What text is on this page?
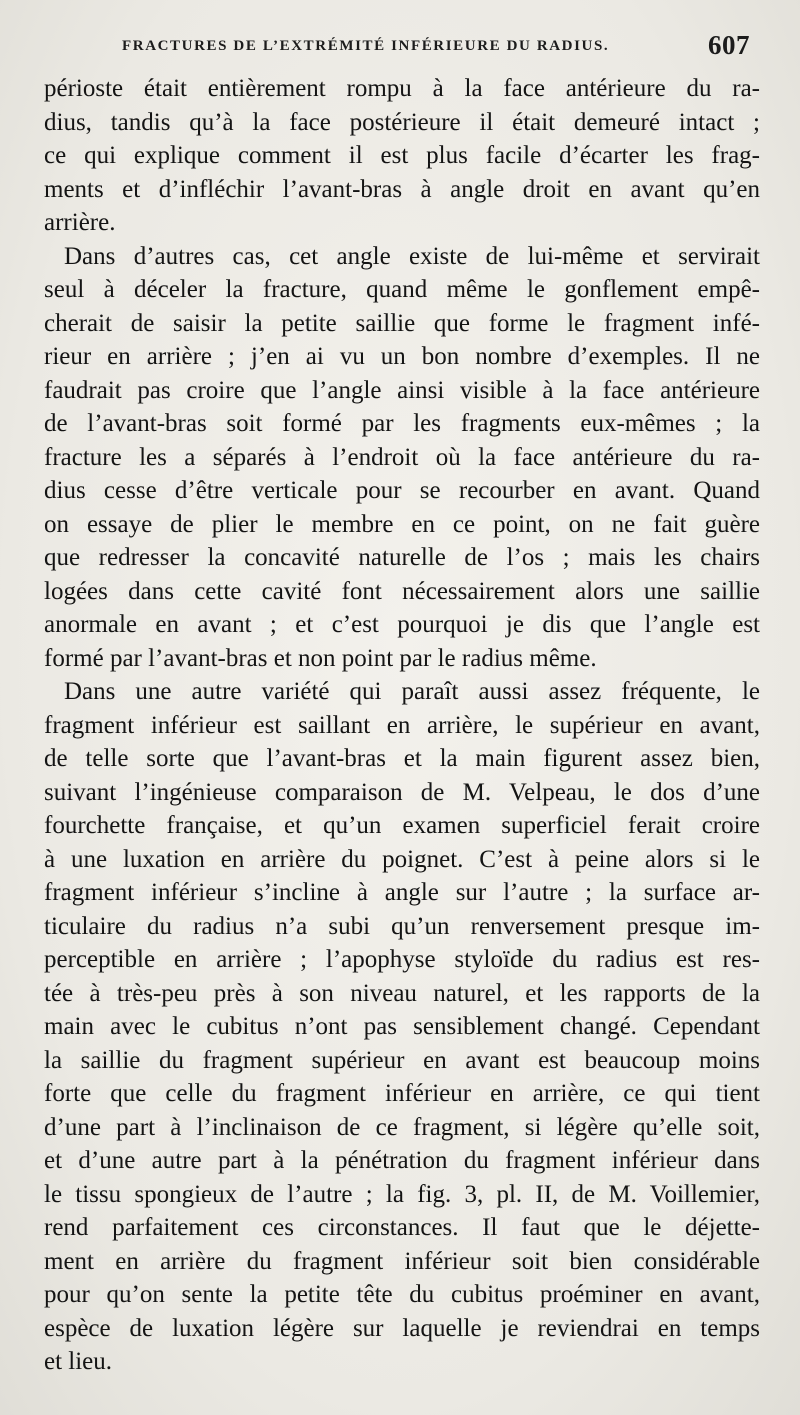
FRACTURES DE L’EXTRÉMITÉ INFÉRIEURE DU RADIUS.	607
périoste était entièrement rompu à la face antérieure du ra-
dius, tandis qu’à la face postérieure il était demeuré intact ;
ce qui explique comment il est plus facile d’écarter les frag-
ments et d’infléchir l’avant-bras à angle droit en avant qu’en
arrière.
Dans d’autres cas, cet angle existe de lui-même et servirait
seul à déceler la fracture, quand même le gonflement empê-
cherait de saisir la petite saillie que forme le fragment infé-
rieur en arrière ; j’en ai vu un bon nombre d’exemples. Il ne
faudrait pas croire que l’angle ainsi visible à la face antérieure
de l’avant-bras soit formé par les fragments eux-mêmes ; la
fracture les a séparés à l’endroit où la face antérieure du ra-
dius cesse d’être verticale pour se recourber en avant. Quand
on essaye de plier le membre en ce point, on ne fait guère
que redresser la concavité naturelle de l’os ; mais les chairs
logées dans cette cavité font nécessairement alors une saillie
anormale en avant ; et c’est pourquoi je dis que l’angle est
formé par l’avant-bras et non point par le radius même.
Dans une autre variété qui paraît aussi assez fréquente, le
fragment inférieur est saillant en arrière, le supérieur en avant,
de telle sorte que l’avant-bras et la main figurent assez bien,
suivant l’ingénieuse comparaison de M. Velpeau, le dos d’une
fourchette française, et qu’un examen superficiel ferait croire
à une luxation en arrière du poignet. C’est à peine alors si le
fragment inférieur s’incline à angle sur l’autre ; la surface ar-
ticulaire du radius n’a subi qu’un renversement presque im-
perceptible en arrière ; l’apophyse styloïde du radius est res-
tée à très-peu près à son niveau naturel, et les rapports de la
main avec le cubitus n’ont pas sensiblement changé. Cependant
la saillie du fragment supérieur en avant est beaucoup moins
forte que celle du fragment inférieur en arrière, ce qui tient
d’une part à l’inclinaison de ce fragment, si légère qu’elle soit,
et d’une autre part à la pénétration du fragment inférieur dans
le tissu spongieux de l’autre ; la fig. 3, pl. II, de M. Voillemier,
rend parfaitement ces circonstances. Il faut que le déjette-
ment en arrière du fragment inférieur soit bien considérable
pour qu’on sente la petite tête du cubitus proéminer en avant,
espèce de luxation légère sur laquelle je reviendrai en temps
et lieu.
